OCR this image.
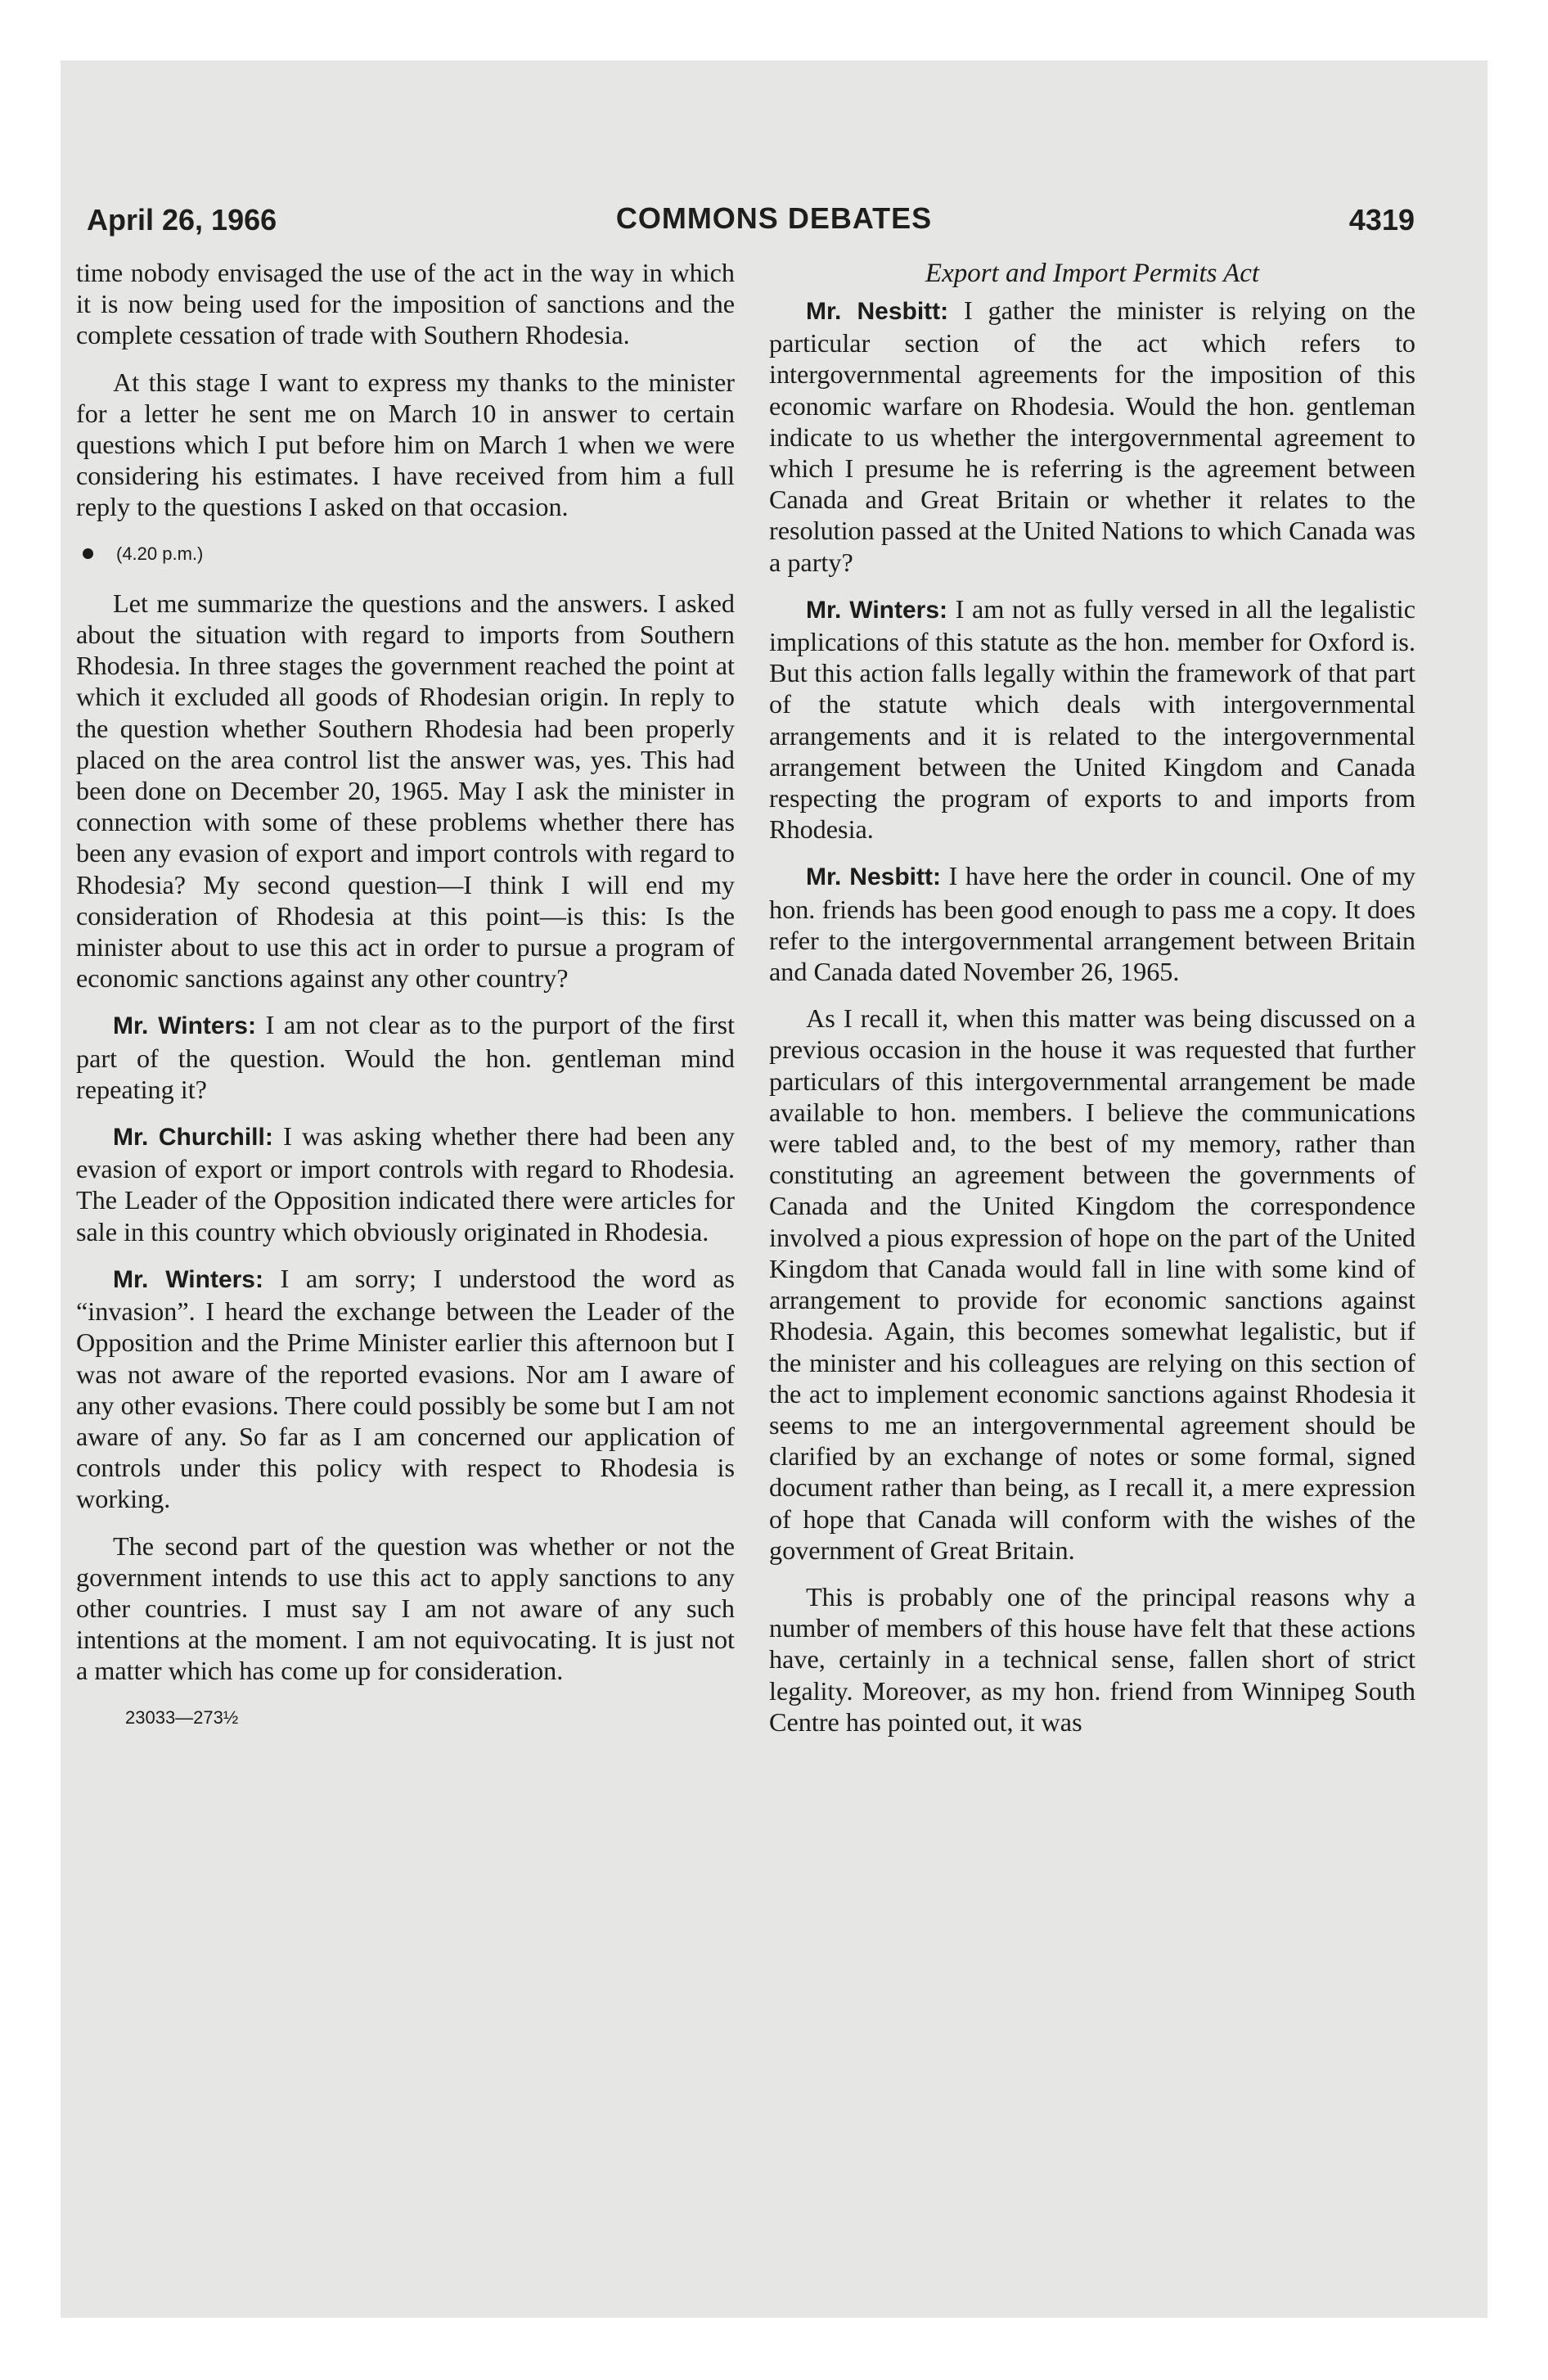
April 26, 1966	COMMONS DEBATES	4319

time nobody envisaged the use of the act in the way in which it is now being used for the imposition of sanctions and the complete cessation of trade with Southern Rhodesia.

At this stage I want to express my thanks to the minister for a letter he sent me on March 10 in answer to certain questions which I put before him on March 1 when we were considering his estimates. I have received from him a full reply to the questions I asked on that occasion.

(4.20 p.m.)

Let me summarize the questions and the answers. I asked about the situation with regard to imports from Southern Rhodesia. In three stages the government reached the point at which it excluded all goods of Rhodesian origin. In reply to the question whether Southern Rhodesia had been properly placed on the area control list the answer was, yes. This had been done on December 20, 1965. May I ask the minister in connection with some of these problems whether there has been any evasion of export and import controls with regard to Rhodesia? My second question—I think I will end my consideration of Rhodesia at this point—is this: Is the minister about to use this act in order to pursue a program of economic sanctions against any other country?

Mr. Winters: I am not clear as to the purport of the first part of the question. Would the hon. gentleman mind repeating it?

Mr. Churchill: I was asking whether there had been any evasion of export or import controls with regard to Rhodesia. The Leader of the Opposition indicated there were articles for sale in this country which obviously originated in Rhodesia.

Mr. Winters: I am sorry; I understood the word as “invasion”. I heard the exchange between the Leader of the Opposition and the Prime Minister earlier this afternoon but I was not aware of the reported evasions. Nor am I aware of any other evasions. There could possibly be some but I am not aware of any. So far as I am concerned our application of controls under this policy with respect to Rhodesia is working.

The second part of the question was whether or not the government intends to use this act to apply sanctions to any other countries. I must say I am not aware of any such intentions at the moment. I am not equivocating. It is just not a matter which has come up for consideration.

23033—273½
Export and Import Permits Act

Mr. Nesbitt: I gather the minister is relying on the particular section of the act which refers to intergovernmental agreements for the imposition of this economic warfare on Rhodesia. Would the hon. gentleman indicate to us whether the intergovernmental agreement to which I presume he is referring is the agreement between Canada and Great Britain or whether it relates to the resolution passed at the United Nations to which Canada was a party?

Mr. Winters: I am not as fully versed in all the legalistic implications of this statute as the hon. member for Oxford is. But this action falls legally within the framework of that part of the statute which deals with intergovernmental arrangements and it is related to the intergovernmental arrangement between the United Kingdom and Canada respecting the program of exports to and imports from Rhodesia.

Mr. Nesbitt: I have here the order in council. One of my hon. friends has been good enough to pass me a copy. It does refer to the intergovernmental arrangement between Britain and Canada dated November 26, 1965.

As I recall it, when this matter was being discussed on a previous occasion in the house it was requested that further particulars of this intergovernmental arrangement be made available to hon. members. I believe the communications were tabled and, to the best of my memory, rather than constituting an agreement between the governments of Canada and the United Kingdom the correspondence involved a pious expression of hope on the part of the United Kingdom that Canada would fall in line with some kind of arrangement to provide for economic sanctions against Rhodesia. Again, this becomes somewhat legalistic, but if the minister and his colleagues are relying on this section of the act to implement economic sanctions against Rhodesia it seems to me an intergovernmental agreement should be clarified by an exchange of notes or some formal, signed document rather than being, as I recall it, a mere expression of hope that Canada will conform with the wishes of the government of Great Britain.

This is probably one of the principal reasons why a number of members of this house have felt that these actions have, certainly in a technical sense, fallen short of strict legality. Moreover, as my hon. friend from Winnipeg South Centre has pointed out, it was
